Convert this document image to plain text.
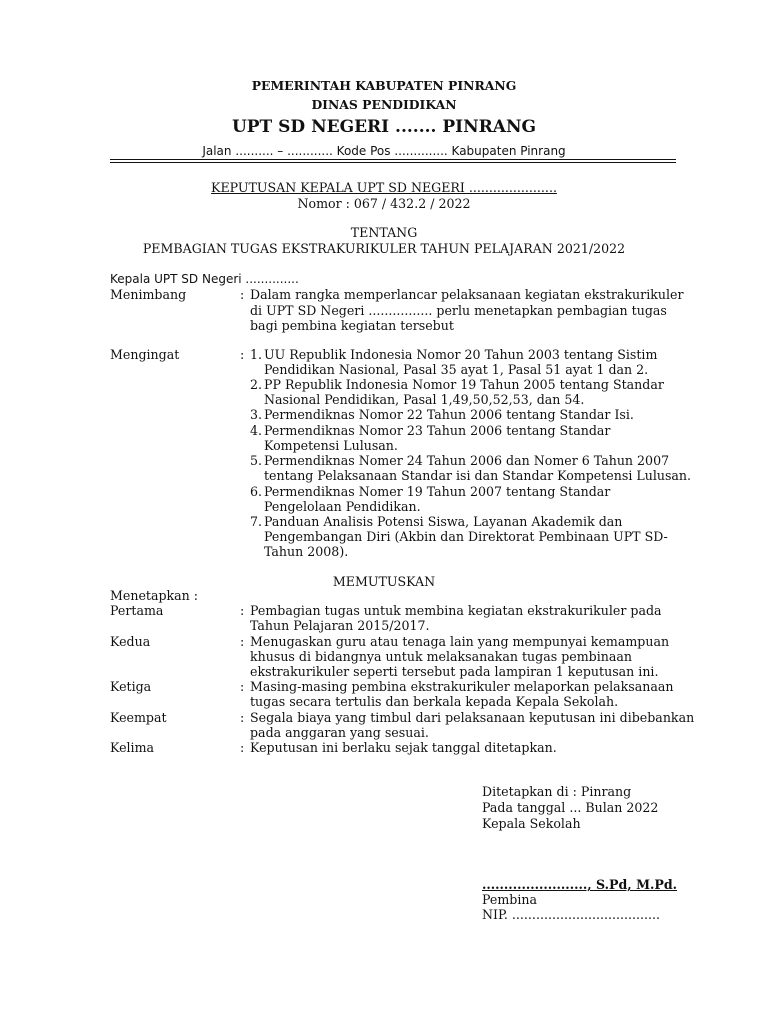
PEMERINTAH KABUPATEN PINRANG
DINAS PENDIDIKAN
UPT SD NEGERI ....... PINRANG
Jalan .......... – ............ Kode Pos .............. Kabupaten Pinrang
KEPUTUSAN KEPALA UPT SD NEGERI ......................
Nomor : 067 / 432.2 / 2022
TENTANG
PEMBAGIAN TUGAS EKSTRAKURIKULER TAHUN PELAJARAN 2021/2022
Kepala UPT SD Negeri ..............
Menimbang	: Dalam rangka memperlancar pelaksanaan kegiatan ekstrakurikuler
di UPT SD Negeri ................ perlu menetapkan pembagian tugas
bagi pembina kegiatan tersebut
Mengingat	: 1. UU Republik Indonesia Nomor 20 Tahun 2003 tentang Sistim
Pendidikan Nasional, Pasal 35 ayat 1, Pasal 51 ayat 1 dan 2.
2. PP Republik Indonesia Nomor 19 Tahun 2005 tentang Standar
Nasional Pendidikan, Pasal 1,49,50,52,53, dan 54.
3. Permendiknas Nomor 22 Tahun 2006 tentang Standar Isi.
4. Permendiknas Nomor 23 Tahun 2006 tentang Standar
Kompetensi Lulusan.
5. Permendiknas Nomer 24 Tahun 2006 dan Nomer 6 Tahun 2007
tentang Pelaksanaan Standar isi dan Standar Kompetensi Lulusan.
6. Permendiknas Nomer 19 Tahun 2007 tentang Standar
Pengelolaan Pendidikan.
7. Panduan Analisis Potensi Siswa, Layanan Akademik dan
Pengembangan Diri (Akbin dan Direktorat Pembinaan UPT SD-
Tahun 2008).
MEMUTUSKAN
Menetapkan :
Pertama	: Pembagian tugas untuk membina kegiatan ekstrakurikuler pada
Tahun Pelajaran 2015/2017.
Kedua	: Menugaskan guru atau tenaga lain yang mempunyai kemampuan
khusus di bidangnya untuk melaksanakan tugas pembinaan
ekstrakurikuler seperti tersebut pada lampiran 1 keputusan ini.
Ketiga	: Masing-masing pembina ekstrakurikuler melaporkan pelaksanaan
tugas secara tertulis dan berkala kepada Kepala Sekolah.
Keempat	: Segala biaya yang timbul dari pelaksanaan keputusan ini dibebankan
pada anggaran yang sesuai.
Kelima	: Keputusan ini berlaku sejak tanggal ditetapkan.
Ditetapkan di : Pinrang
Pada tanggal ... Bulan 2022
Kepala Sekolah
........................, S.Pd, M.Pd.
Pembina
NIP. .....................................
